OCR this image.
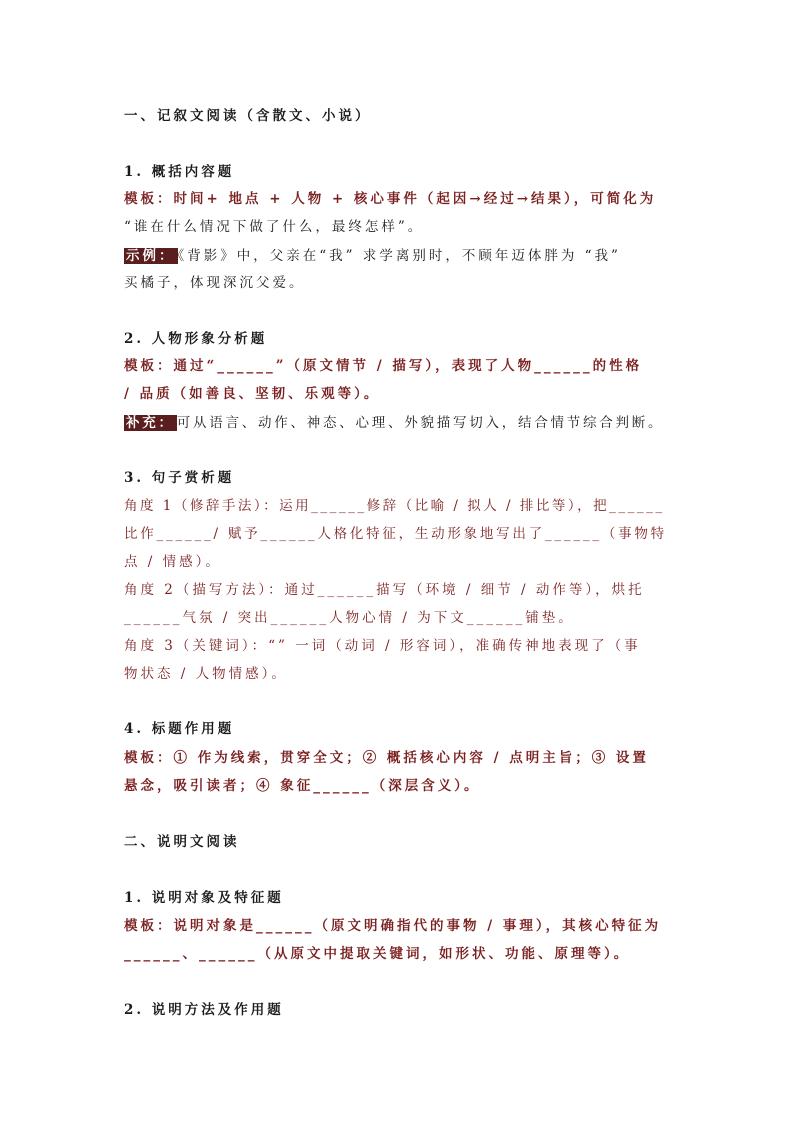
一、记叙文阅读（含散文、小说）
1. 概括内容题
模板：时间+ 地点 + 人物 + 核心事件（起因→经过→结果），可简化为
“谁在什么情况下做了什么，最终怎样”。
示例： 《背影》中，父亲在“我” 求学离别时，不顾年迈体胖为 “我”
买橘子，体现深沉父爱。
2. 人物形象分析题
模板：通过“______”（原文情节 / 描写），表现了人物______的性格
/ 品质（如善良、坚韧、乐观等）。
补充： 可从语言、动作、神态、心理、外貌描写切入，结合情节综合判断。
3. 句子赏析题
角度 1（修辞手法）：运用______修辞（比喻 / 拟人 / 排比等），把______
比作______/ 赋予______人格化特征，生动形象地写出了______（事物特
点 / 情感）。
角度 2（描写方法）：通过______描写（环境 / 细节 / 动作等），烘托
______气氛 / 突出______人物心情 / 为下文______铺垫。
角度 3（关键词）：“” 一词（动词 / 形容词），准确传神地表现了（事
物状态 / 人物情感）。
4. 标题作用题
模板：① 作为线索，贯穿全文；② 概括核心内容 / 点明主旨；③ 设置
悬念，吸引读者；④ 象征______（深层含义）。
二、说明文阅读
1. 说明对象及特征题
模板：说明对象是______（原文明确指代的事物 / 事理），其核心特征为
______、______（从原文中提取关键词，如形状、功能、原理等）。
2. 说明方法及作用题
